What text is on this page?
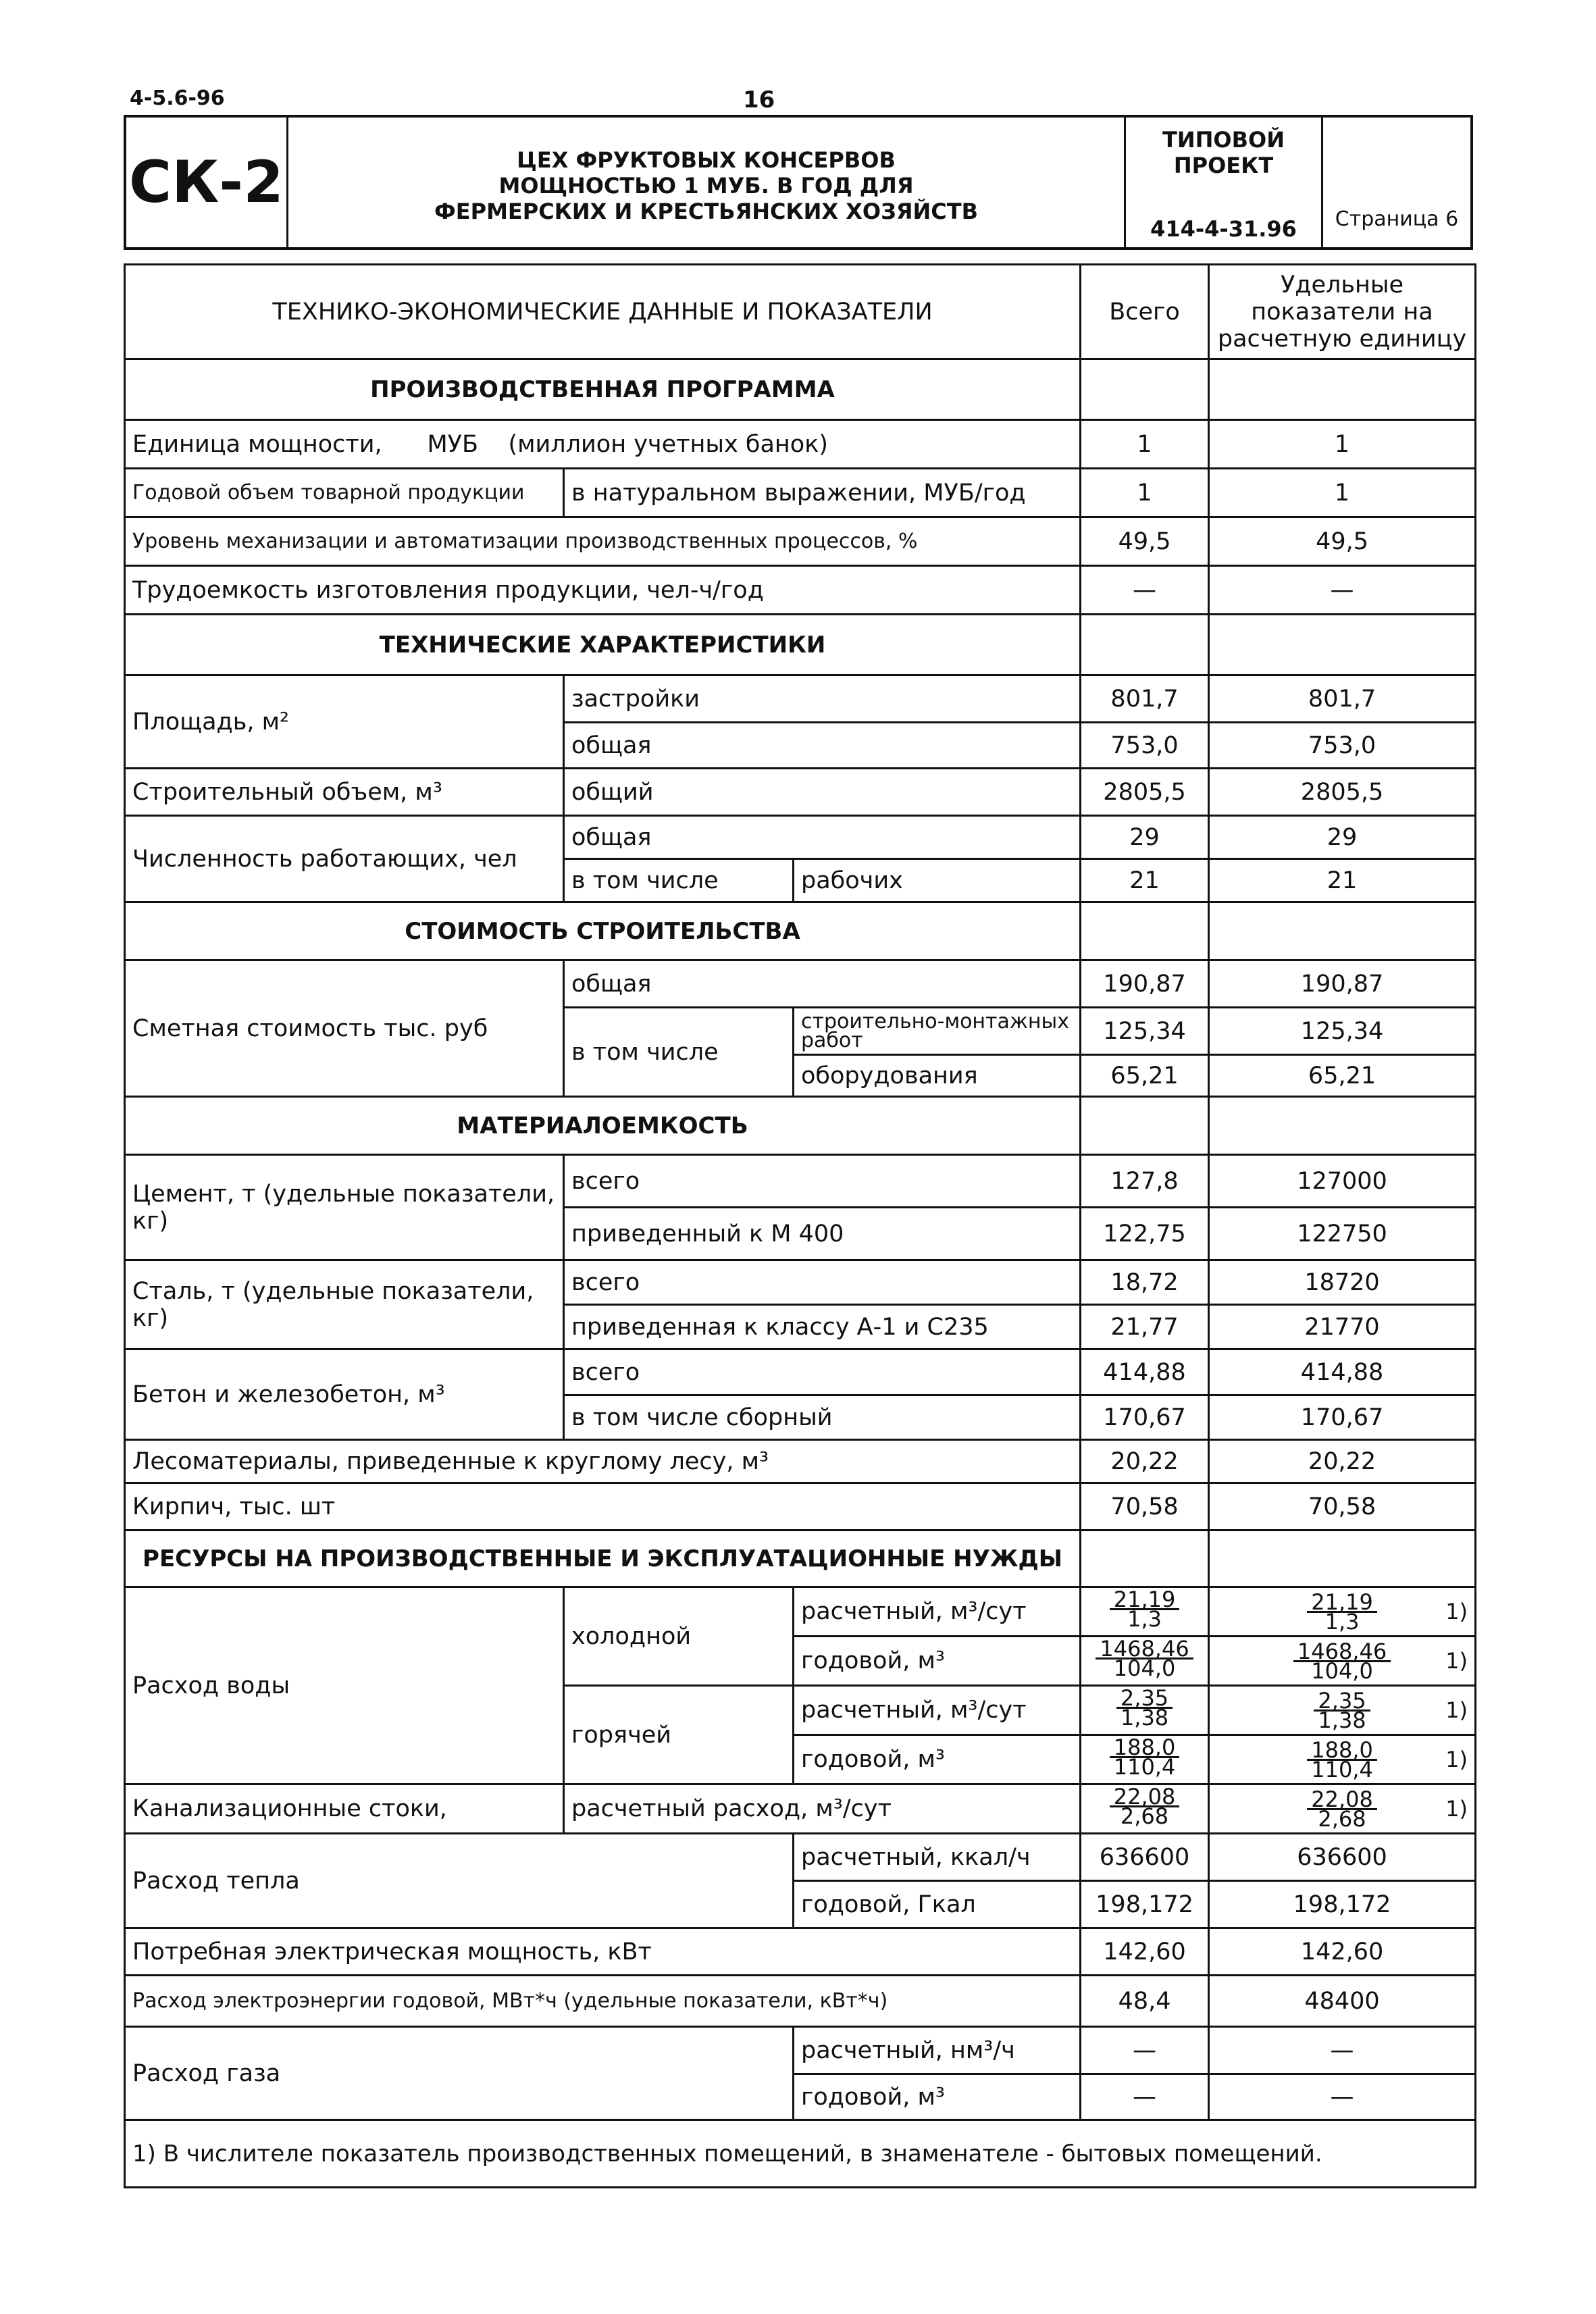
4-5.6-96	16
СК-2	ЦЕХ ФРУКТОВЫХ КОНСЕРВОВ
МОЩНОСТЬЮ 1 МУБ. В ГОД ДЛЯ
ФЕРМЕРСКИХ И КРЕСТЬЯНСКИХ ХОЗЯЙСТВ
ТИПОВОЙ
ПРОЕКТ
414-4-31.96	Страница 6
ТЕХНИКО-ЭКОНОМИЧЕСКИЕ ДАННЫЕ И ПОКАЗАТЕЛИ			Всего	Удельные показатели на расчетную единицу
ПРОИЗВОДСТВЕННАЯ ПРОГРАММА				
Единица мощности, МУБ (миллион учетных банок)			1	1
Годовой объем товарной продукции	в натуральном выражении, МУБ/год		1	1
Уровень механизации и автоматизации производственных процессов, %			49,5	49,5
Трудоемкость изготовления продукции, чел-ч/год			—	—
ТЕХНИЧЕСКИЕ ХАРАКТЕРИСТИКИ				
Площадь, м²	застройки		801,7	801,7
	общая		753,0	753,0
Строительный объем, м³	общий		2805,5	2805,5
Численность работающих, чел	общая		29	29
	в том числе	рабочих	21	21
СТОИМОСТЬ СТРОИТЕЛЬСТВА				
Сметная стоимость тыс. руб	общая		190,87	190,87
	в том числе	строительно-монтажных работ	125,34	125,34
		оборудования	65,21	65,21
МАТЕРИАЛОЕМКОСТЬ				
Цемент, т (удельные показатели, кг)	всего		127,8	127000
	приведенный к М 400		122,75	122750
Сталь, т (удельные показатели, кг)	всего		18,72	18720
	приведенная к классу А-1 и С235		21,77	21770
Бетон и железобетон, м³	всего		414,88	414,88
	в том числе сборный		170,67	170,67
Лесоматериалы, приведенные к круглому лесу, м³			20,22	20,22
Кирпич, тыс. шт			70,58	70,58
РЕСУРСЫ НА ПРОИЗВОДСТВЕННЫЕ И ЭКСПЛУАТАЦИОННЫЕ НУЖДЫ				
Расход воды	холодной	расчетный, м³/сут	$\frac{21,19}{1,3}$	$\frac{21,19}{1,3} 1$)

		годовой, м³	$\frac{1468,46}{104,0}$	$\frac{1468,46}{104,0} 1$)

	горячей	расчетный, м³/сут	$\frac{2,35}{1,38}$	$\frac{2,35}{1,38} 1$)

		годовой, м³	$\frac{188,0}{110,4}$	$\frac{188,0}{110,4} 1$)

Канализационные стоки,	расчетный расход, м³/сут		$\frac{22,08}{2,68}$	$\frac{22,08}{2,68} 1$)

Расход тепла		расчетный, ккал/ч	636600	636600
		годовой, Гкал	198,172	198,172
Потребная электрическая мощность, кВт			142,60	142,60
Расход электроэнергии годовой, МВт*ч (удельные показатели, кВт*ч)			48,4	48400
Расход газа		расчетный, нм³/ч	—	—
		годовой, м³	—	—
1) В числителе показатель производственных помещений, в знаменателе - бытовых помещений.				
